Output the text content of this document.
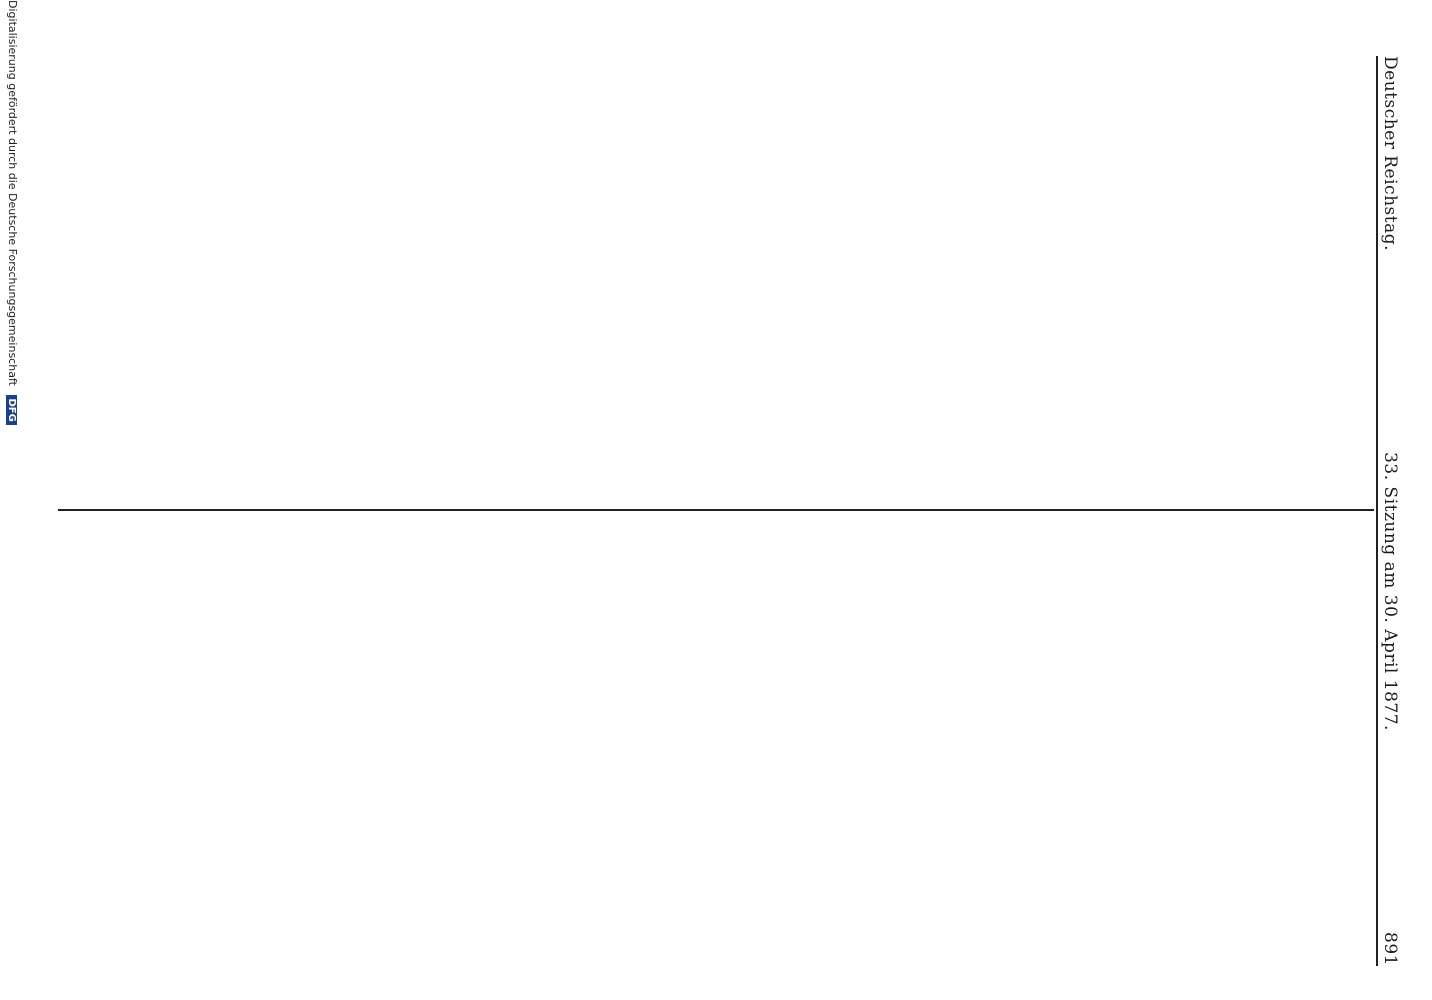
Deutscher Reichstag.
33. Sitzung am 30. April 1877.
891
Digitalisierung gefördert durch die Deutsche Forschungsgemeinschaft DFG
